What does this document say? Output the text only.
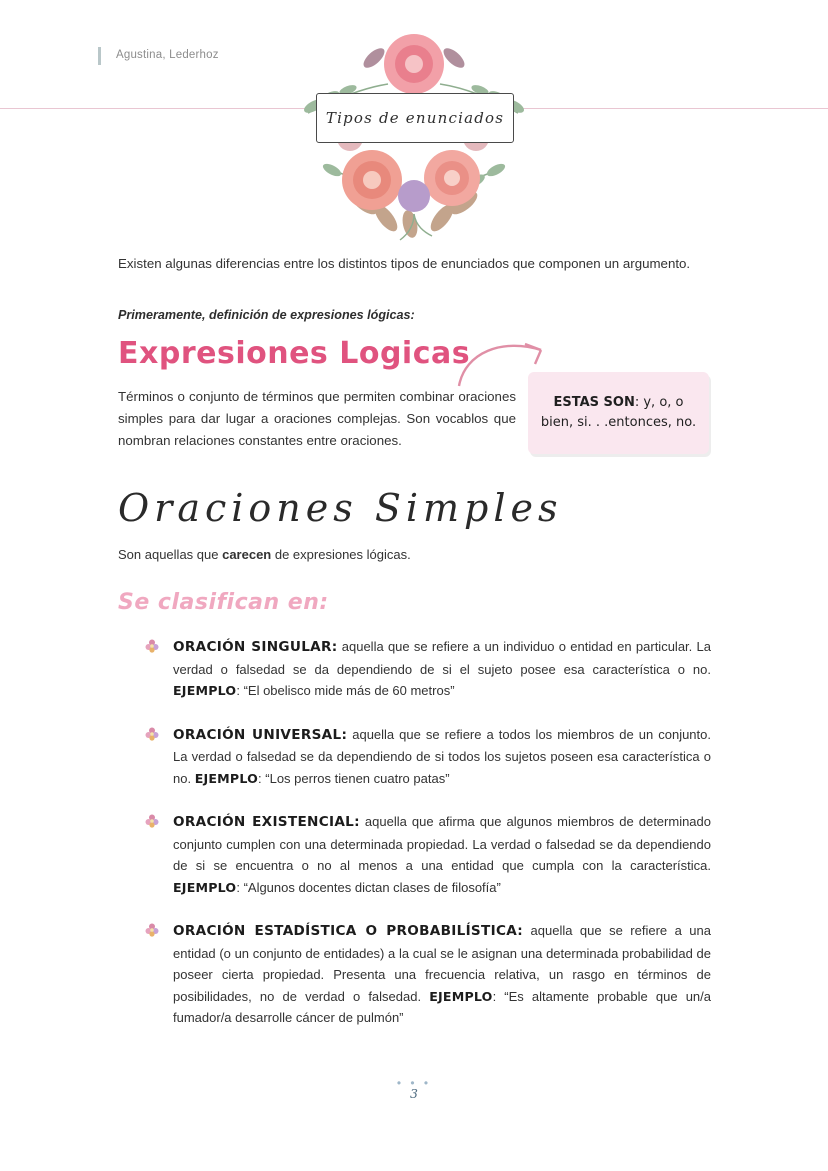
Agustina, Lederhoz
Tipos de enunciados
Existen algunas diferencias entre los distintos tipos de enunciados que componen un argumento.
Primeramente, definición de expresiones lógicas:
Expresiones Logicas
Términos o conjunto de términos que permiten combinar oraciones simples para dar lugar a oraciones complejas. Son vocablos que nombran relaciones constantes entre oraciones.
ESTAS SON: y, o, o bien, si. . .entonces, no.
Oraciones Simples
Son aquellas que carecen de expresiones lógicas.
Se clasifican en:
ORACIÓN SINGULAR: aquella que se refiere a un individuo o entidad en particular. La verdad o falsedad se da dependiendo de si el sujeto posee esa característica o no. EJEMPLO: “El obelisco mide más de 60 metros”
ORACIÓN UNIVERSAL: aquella que se refiere a todos los miembros de un conjunto. La verdad o falsedad se da dependiendo de si todos los sujetos poseen esa característica o no. EJEMPLO: “Los perros tienen cuatro patas”
ORACIÓN EXISTENCIAL: aquella que afirma que algunos miembros de determinado conjunto cumplen con una determinada propiedad. La verdad o falsedad se da dependiendo de si se encuentra o no al menos a una entidad que cumpla con la característica. EJEMPLO: “Algunos docentes dictan clases de filosofía”
ORACIÓN ESTADÍSTICA O PROBABILÍSTICA: aquella que se refiere a una entidad (o un conjunto de entidades) a la cual se le asignan una determinada probabilidad de poseer cierta propiedad. Presenta una frecuencia relativa, un rasgo en términos de posibilidades, no de verdad o falsedad. EJEMPLO: “Es altamente probable que un/a fumador/a desarrolle cáncer de pulmón”
• • •
3
